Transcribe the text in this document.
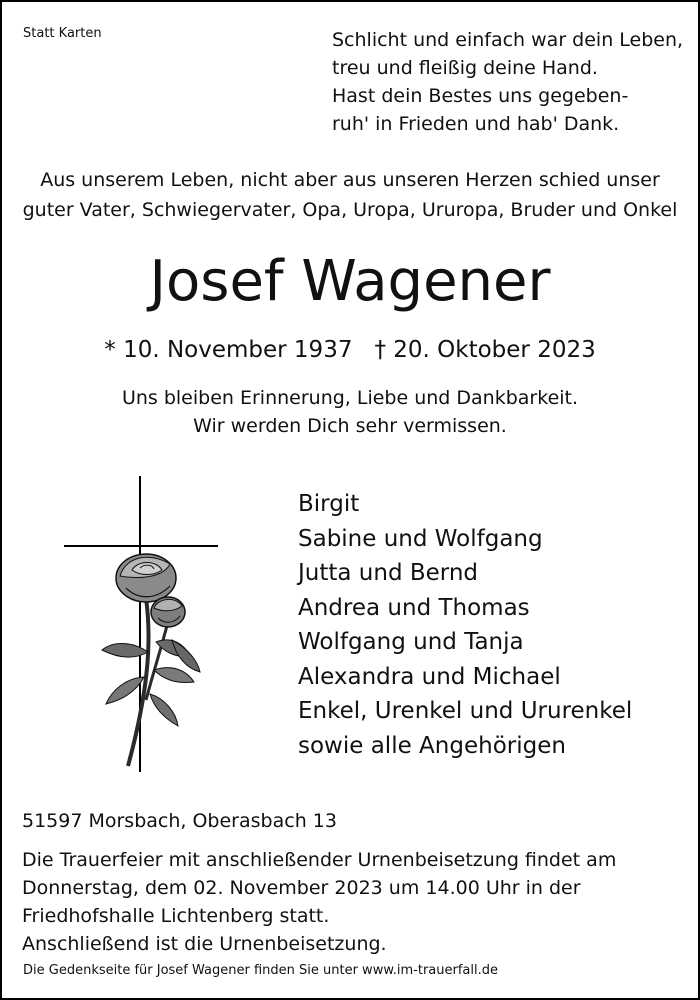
Statt Karten	Schlicht und einfach war dein Leben,
treu und fleißig deine Hand.
Hast dein Bestes uns gegeben-
ruh' in Frieden und hab' Dank.
Aus unserem Leben, nicht aber aus unseren Herzen schied unser
guter Vater, Schwiegervater, Opa, Uropa, Ururopa, Bruder und Onkel
Josef Wagener
* 10. November 1937 † 20. Oktober 2023
Uns bleiben Erinnerung, Liebe und Dankbarkeit.
Wir werden Dich sehr vermissen.
Birgit
Sabine und Wolfgang
Jutta und Bernd
Andrea und Thomas
Wolfgang und Tanja
Alexandra und Michael
Enkel, Urenkel und Ururenkel
sowie alle Angehörigen
51597 Morsbach, Oberasbach 13
Die Trauerfeier mit anschließender Urnenbeisetzung findet am
Donnerstag, dem 02. November 2023 um 14.00 Uhr in der
Friedhofshalle Lichtenberg statt.
Anschließend ist die Urnenbeisetzung.
Die Gedenkseite für Josef Wagener finden Sie unter www.im-trauerfall.de
